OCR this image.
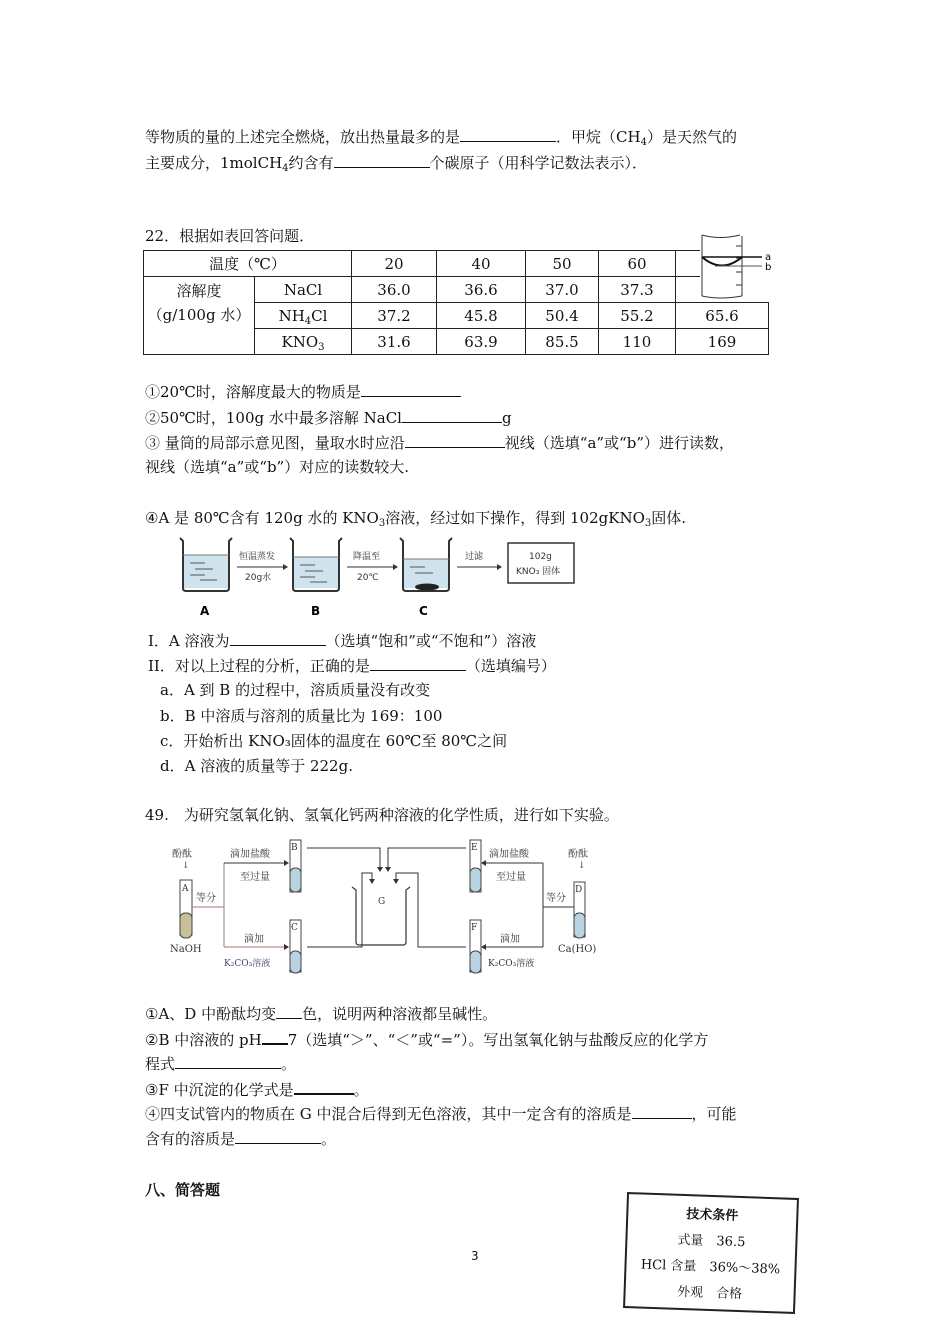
等物质的量的上述完全燃烧，放出热量最多的是	．甲烷$(CH_4)$是天然气的
主要成分，1molCH$_4$约含有	个碳原子（用科学记数法表示）．
22．根据如表回答问题．
温度（℃）		20	40	50	60	

溶解度
（g/100g 水）	NaCl	36.0	36.6	37.0	37.3	
	$NH_4Cl$	37.2	45.8	50.4	55.2	65.6
	$KNO_3$	31.6	63.9	85.5	110	169
a
b
①20℃时，溶解度最大的物质是
②50℃时，100g 水中最多溶解 NaCl	g
③ 量筒的局部示意见图，量取水时应沿	视线（选填“a”或“b”）进行读数，
视线（选填“a”或“b”）对应的读数较大.
④A 是 80℃含有 120g 水的 $KNO_3$溶液，经过如下操作，得到 102gKNO$_3$固体.
恒温蒸发
20g水
降温至
20℃
过滤	102g
KNO₃ 固体
A	B	C
I．A 溶液为	（选填“饱和”或“不饱和”）溶液
II．对以上过程的分析，正确的是	（选填编号）
a．A 到 B 的过程中，溶质质量没有改变
b．B 中溶质与溶剂的质量比为 169：100
c．开始析出 KNO₃固体的温度在 60℃至 80℃之间
d．A 溶液的质量等于 222g.
49.　为研究氢氧化钠、氢氧化钙两种溶液的化学性质，进行如下实验。
酚酞
↓
A
NaOH
等分
滴加盐酸
至过量
滴加
K₂CO₃溶液
B
C
G
E
F
滴加盐酸
至过量
滴加
K₂CO₃溶液
等分
酚酞
↓
D
Ca(HO)
①A、D 中酚酞均变 色，说明两种溶液都呈碱性。
②B 中溶液的 pH 7（选填“＞”、“＜”或“=”）。写出氢氧化钠与盐酸反应的化学方
程式	。
③F 中沉淀的化学式是	。
④四支试管内的物质在 G 中混合后得到无色溶液，其中一定含有的溶质是	，可能
含有的溶质是	。
八、简答题
技术条件
式量　36.5
HCl 含量　36%～38%
外观　合格
3
